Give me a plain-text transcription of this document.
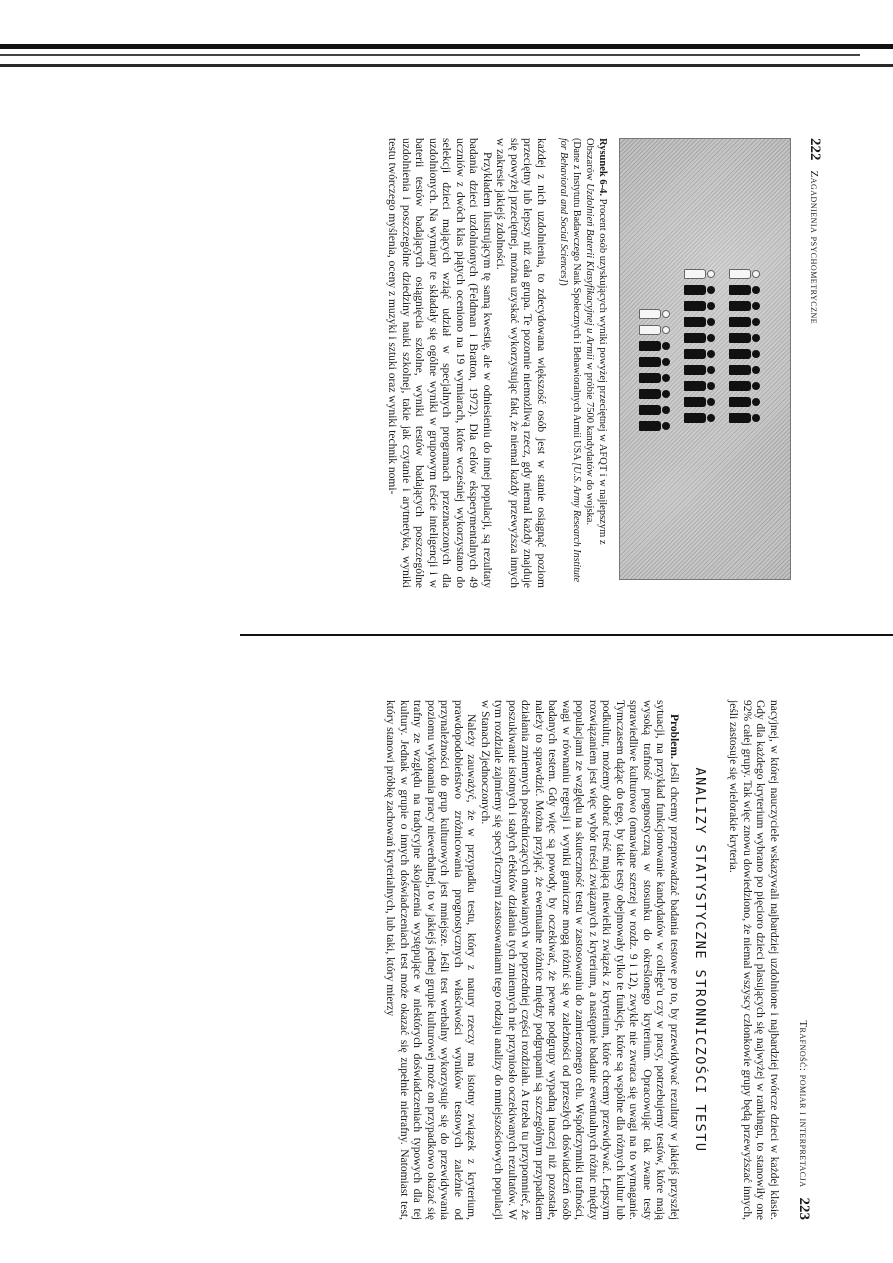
222
Zagadnienia psychometryczne
Rysunek 6-4. Procent osób uzyskujących wyniki powyżej przeciętnej w AFQT i w najlepszym z Obszarów Uzdolnień Baterii Klasyfikacyjnej u Armii w próbie 7500 kandydatów do wojska.
(Dane z Instytutu Badawczego Nauk Społecznych i Behawioralnych Armii USA [U.S. Army Research Institute for Behavioral and Social Sciences])

każdej z nich uzdolnienia, to zdecydowana większość osób jest w stanie osiągnąć poziom przeciętny lub lepszy niż cała grupa. Te pozornie niemożliwą rzecz, gdy niemal każdy znajduje się powyżej przeciętnej, można uzyskać wykorzystując fakt, że niemal każdy przewyższa innych w zakresie jakiejś zdolności.

Przykładem ilustrującym tę samą kwestię, ale w odniesieniu do innej populacji, są rezultaty badania dzieci uzdolnionych (Feldman i Bratton, 1972). Dla celów eksperymentalnych 49 uczniów z dwóch klas piątych oceniono na 19 wymiarach, które wcześniej wykorzystano do selekcji dzieci mających wziąć udział w specjalnych programach przeznaczonych dla uzdolnionych. Na wymiary te składały się ogólne wyniki w grupowym teście inteligencji i w baterii testów badających osiągnięcia szkolne, wyniki testów badających poszczególne uzdolnienia i poszczególne dziedziny nauki szkolnej, takie jak czytanie i arytmetyka, wyniki testu twórczego myślenia, oceny z muzyki i sztuki oraz wyniki technik nomi-

Trafność: pomiar i interpretacja
223

nacyjnej, w której nauczyciele wskazywali najbardziej uzdolnione i najbardziej twórcze dzieci w każdej klasie. Gdy dla każdego kryterium wybrano po pięcioro dzieci plasujących się najwyżej w rankingu, to stanowiły one 92% całej grupy. Tak więc znowu dowiedziono, że niemal wszyscy członkowie grupy będą przewyższać innych, jeśli zastosuje się wielorakie kryteria.

ANALIZY STATYSTYCZNE STRONNICZOŚCI TESTU

Problem. Jeśli chcemy przeprowadzać badania testowe po to, by przewidywać rezultaty w jakiejś przyszłej sytuacji, na przykład funkcjonowanie kandydatów w college'u czy w pracy, potrzebujemy testów, które mają wysoką trafność prognostyczną w stosunku do określonego kryterium. Opracowując tak zwane testy sprawiedliwe kulturowo (omawiane szerzej w rozdz. 9 i 12), zwykle nie zwraca się uwagi na to wymaganie. Tymczasem dążąc do tego, by takie testy obejmowały tylko te funkcje, które są wspólne dla różnych kultur lub podkultur, możemy dobrać treść mającą niewielki związek z kryterium, które chcemy przewidywać. Lepszym rozwiązaniem jest więc wybór treści związanych z kryterium, a następnie badanie ewentualnych różnic między populacjami ze względu na skuteczność testu w zastosowaniu do zamierzonego celu. Współczynniki trafności, wagi w równaniu regresji i wyniki graniczne mogą różnić się w zależności od przeszłych doświadczeń osób badanych testem. Gdy więc są powody, by oczekiwać, że pewne podgrupy wypadną inaczej niż pozostałe, należy to sprawdzić. Można przyjąć, że ewentualne różnice między podgrupami są szczególnym przypadkiem działania zmiennych pośredniczących omawianych w poprzedniej części rozdziału. A trzeba tu przypomnieć, że poszukiwanie istotnych i stałych efektów działania tych zmiennych nie przyniosło oczekiwanych rezultatów. W tym rozdziale zajmiemy się specyficznymi zastosowaniami tego rodzaju analizy do mniejszościowych populacji w Stanach Zjednoczonych.

Należy zauważyć, że w przypadku testu, który z natury rzeczy ma istotny związek z kryterium, prawdopodobieństwo zróżnicowania prognostycznych właściwości wyników testowych zależnie od przynależności do grup kulturowych jest mniejsze. Jeśli test werbalny wykorzystuje się do przewidywania poziomu wykonania pracy niewerbalnej, to w jakiejś jednej grupie kulturowej może on przypadkowo okazać się trafny ze względu na tradycyjne skojarzenia występujące w niektórych doświadczeniach typowych dla tej kultury. Jednak w grupie o innych doświadczeniach test może okazać się zupełnie nietrafny. Natomiast test, który stanowi próbkę zachowań kryterialnych, lub taki, który mierzy
